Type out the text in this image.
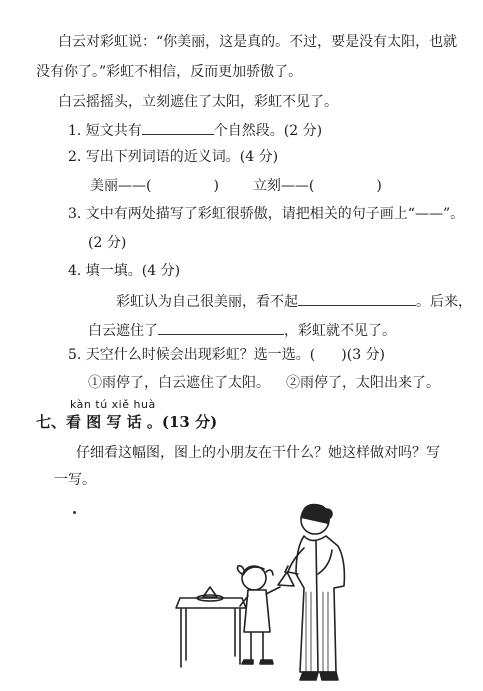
白云对彩虹说：“你美丽，这是真的。不过，要是没有太阳，也就
没有你了。”彩虹不相信，反而更加骄傲了。
白云摇摇头，立刻遮住了太阳，彩虹不见了。
1. 短文共有	个自然段。(2 分)
2. 写出下列词语的近义词。(4 分)
美丽——(	) 立刻——(	)
3. 文中有两处描写了彩虹很骄傲，请把相关的句子画上“——”。
(2 分)
4. 填一填。(4 分)
彩虹认为自己很美丽，看不起	。后来，
白云遮住了	，彩虹就不见了。
5. 天空什么时候会出现彩虹？选一选。( )(3 分)
①雨停了，白云遮住了太阳。 ②雨停了，太阳出来了。
kàn tú xiě huà
七、看 图 写 话 。(13 分)
仔细看这幅图，图上的小朋友在干什么？她这样做对吗？写
一写。
